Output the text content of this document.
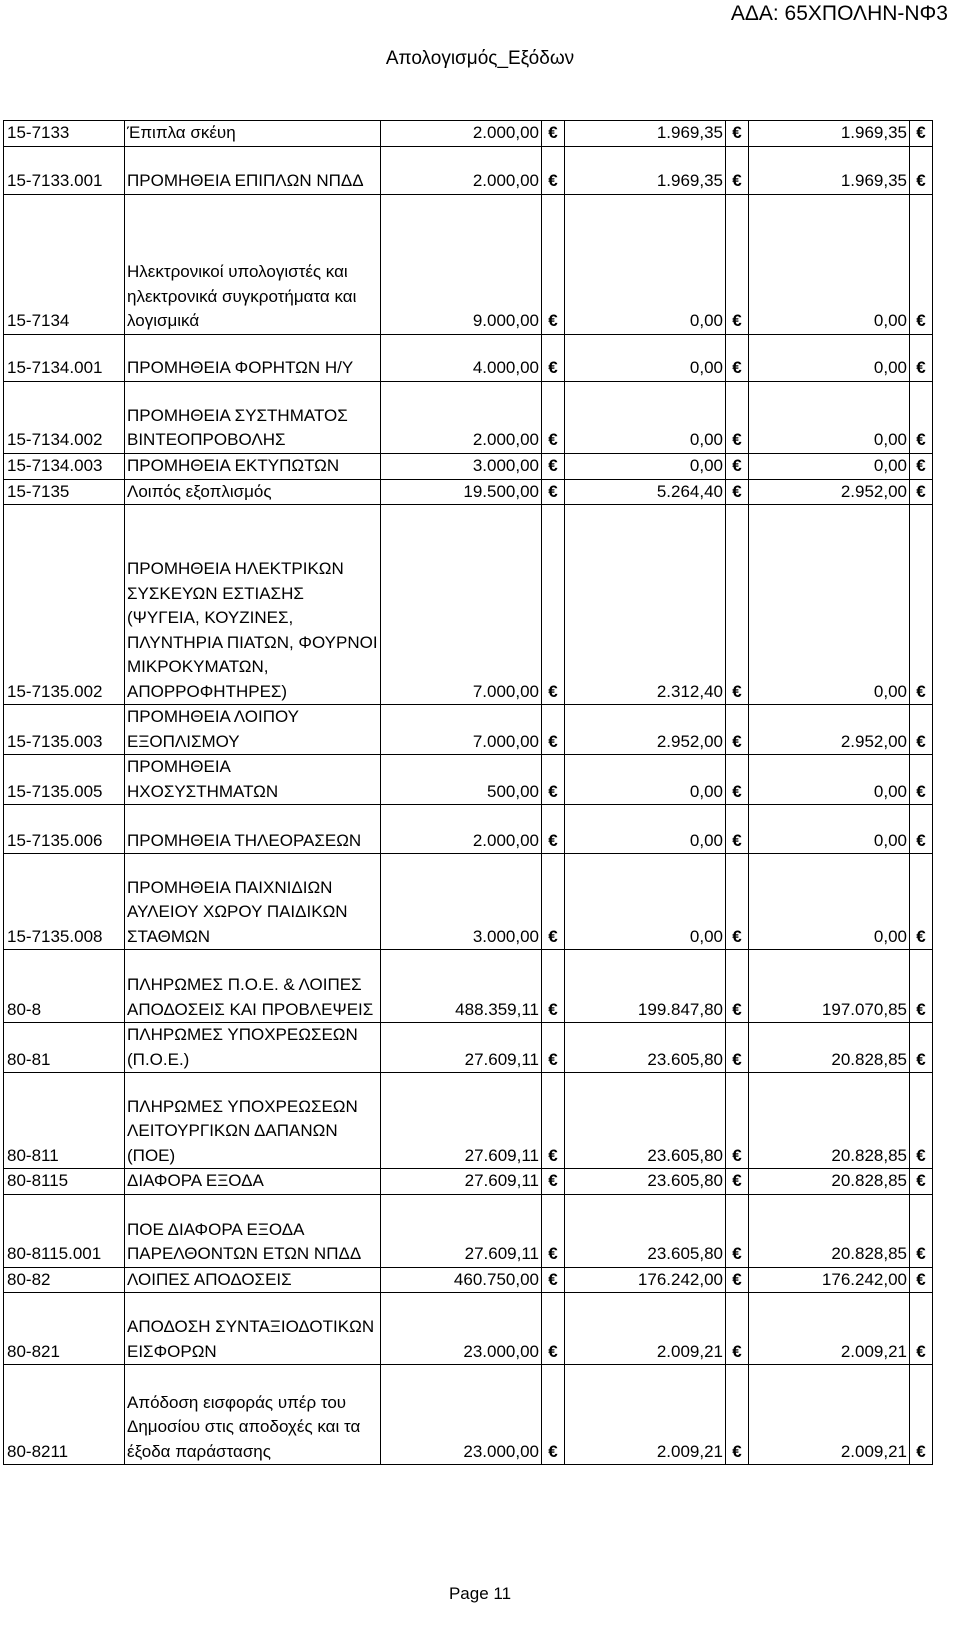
ΑΔΑ: 65ΧΠΟΛΗΝ-ΝΦ3
Απολογισμός_Εξόδων
15-7133	Έπιπλα σκέυη	2.000,00	€	1.969,35	€	1.969,35	€
15-7133.001	ΠΡΟΜΗΘΕΙΑ ΕΠΙΠΛΩΝ ΝΠΔΔ	2.000,00	€	1.969,35	€	1.969,35	€
15-7134	Ηλεκτρονικοί υπολογιστές και ηλεκτρονικά συγκροτήματα και λογισμικά	9.000,00	€	0,00	€	0,00	€
15-7134.001	ΠΡΟΜΗΘΕΙΑ ΦΟΡΗΤΩΝ Η/Υ	4.000,00	€	0,00	€	0,00	€
15-7134.002	ΠΡΟΜΗΘΕΙΑ ΣΥΣΤΗΜΑΤΟΣ ΒΙΝΤΕΟΠΡΟΒΟΛΗΣ	2.000,00	€	0,00	€	0,00	€
15-7134.003	ΠΡΟΜΗΘΕΙΑ ΕΚΤΥΠΩΤΩΝ	3.000,00	€	0,00	€	0,00	€
15-7135	Λοιπός εξοπλισμός	19.500,00	€	5.264,40	€	2.952,00	€
15-7135.002	ΠΡΟΜΗΘΕΙΑ ΗΛΕΚΤΡΙΚΩΝ ΣΥΣΚΕΥΩΝ ΕΣΤΙΑΣΗΣ (ΨΥΓΕΙΑ, ΚΟΥΖΙΝΕΣ, ΠΛΥΝΤΗΡΙΑ ΠΙΑΤΩΝ, ΦΟΥΡΝΟΙ ΜΙΚΡΟΚΥΜΑΤΩΝ, ΑΠΟΡΡΟΦΗΤΗΡΕΣ)	7.000,00	€	2.312,40	€	0,00	€
15-7135.003	ΠΡΟΜΗΘΕΙΑ ΛΟΙΠΟΥ ΕΞΟΠΛΙΣΜΟΥ	7.000,00	€	2.952,00	€	2.952,00	€
15-7135.005	ΠΡΟΜΗΘΕΙΑ ΗΧΟΣΥΣΤΗΜΑΤΩΝ	500,00	€	0,00	€	0,00	€
15-7135.006	ΠΡΟΜΗΘΕΙΑ ΤΗΛΕΟΡΑΣΕΩΝ	2.000,00	€	0,00	€	0,00	€
15-7135.008	ΠΡΟΜΗΘΕΙΑ ΠΑΙΧΝΙΔΙΩΝ ΑΥΛΕΙΟΥ ΧΩΡΟΥ ΠΑΙΔΙΚΩΝ ΣΤΑΘΜΩΝ	3.000,00	€	0,00	€	0,00	€
80-8	ΠΛΗΡΩΜΕΣ Π.Ο.Ε. & ΛΟΙΠΕΣ ΑΠΟΔΟΣΕΙΣ ΚΑΙ ΠΡΟΒΛΕΨΕΙΣ	488.359,11	€	199.847,80	€	197.070,85	€
80-81	ΠΛΗΡΩΜΕΣ ΥΠΟΧΡΕΩΣΕΩΝ (Π.Ο.Ε.)	27.609,11	€	23.605,80	€	20.828,85	€
80-811	ΠΛΗΡΩΜΕΣ ΥΠΟΧΡΕΩΣΕΩΝ ΛΕΙΤΟΥΡΓΙΚΩΝ ΔΑΠΑΝΩΝ (ΠΟΕ)	27.609,11	€	23.605,80	€	20.828,85	€
80-8115	ΔΙΑΦΟΡΑ ΕΞΟΔΑ	27.609,11	€	23.605,80	€	20.828,85	€
80-8115.001	ΠΟΕ ΔΙΑΦΟΡΑ ΕΞΟΔΑ ΠΑΡΕΛΘΟΝΤΩΝ ΕΤΩΝ ΝΠΔΔ	27.609,11	€	23.605,80	€	20.828,85	€
80-82	ΛΟΙΠΕΣ ΑΠΟΔΟΣΕΙΣ	460.750,00	€	176.242,00	€	176.242,00	€
80-821	ΑΠΟΔΟΣΗ ΣΥΝΤΑΞΙΟΔΟΤΙΚΩΝ ΕΙΣΦΟΡΩΝ	23.000,00	€	2.009,21	€	2.009,21	€
80-8211	Απόδοση εισφοράς υπέρ του Δημοσίου στις αποδοχές και τα έξοδα παράστασης	23.000,00	€	2.009,21	€	2.009,21	€
Page 11
